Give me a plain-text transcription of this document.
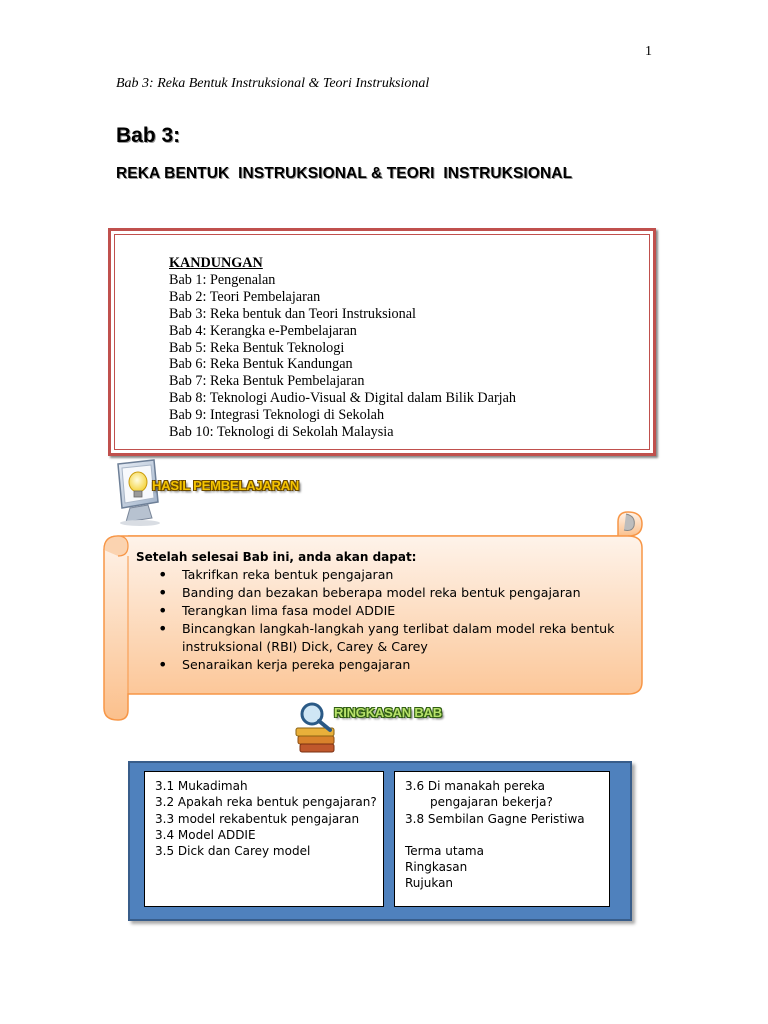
1
Bab 3: Reka Bentuk Instruksional & Teori Instruksional
Bab 3:
REKA BENTUK  INSTRUKSIONAL & TEORI  INSTRUKSIONAL
KANDUNGAN
Bab 1: Pengenalan
Bab 2: Teori Pembelajaran
Bab 3: Reka bentuk dan Teori Instruksional
Bab 4: Kerangka e-Pembelajaran
Bab 5: Reka Bentuk Teknologi
Bab 6: Reka Bentuk Kandungan
Bab 7: Reka Bentuk Pembelajaran
Bab 8: Teknologi Audio-Visual & Digital dalam Bilik Darjah
Bab 9: Integrasi Teknologi di Sekolah
Bab 10: Teknologi di Sekolah Malaysia
HASIL PEMBELAJARAN
Setelah selesai Bab ini, anda akan dapat:
• Takrifkan reka bentuk pengajaran
• Banding dan bezakan beberapa model reka bentuk pengajaran
• Terangkan lima fasa model ADDIE
• Bincangkan langkah-langkah yang terlibat dalam model reka bentuk instruksional (RBI) Dick, Carey & Carey
• Senaraikan kerja pereka pengajaran
RINGKASAN BAB
3.1 Mukadimah
3.2 Apakah reka bentuk pengajaran?
3.3 model rekabentuk pengajaran
3.4 Model ADDIE
3.5 Dick dan Carey model
3.6 Di manakah pereka
pengajaran bekerja?
3.8 Sembilan Gagne Peristiwa
Terma utama
Ringkasan
Rujukan
